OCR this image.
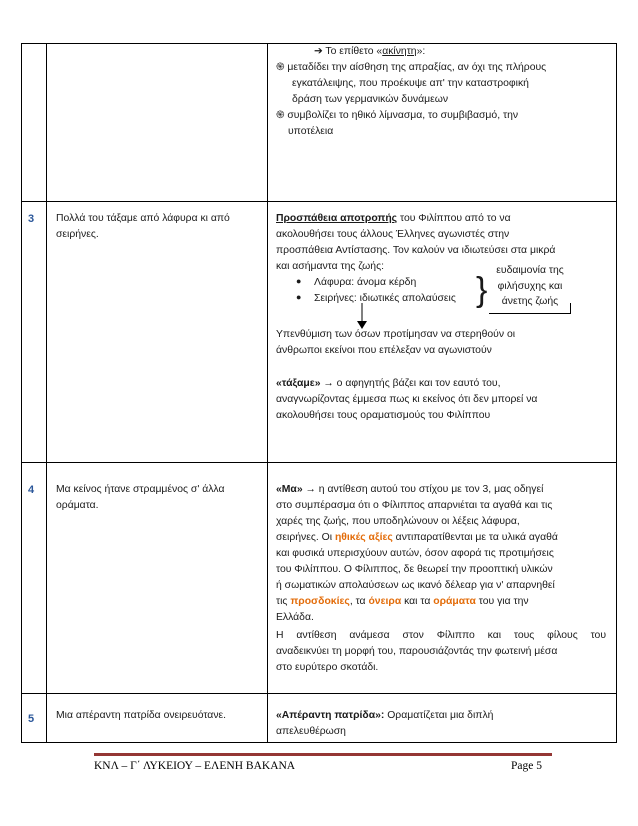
➔ Το επίθετο «ακίνητη»:
֍ μεταδίδει την αίσθηση της απραξίας, αν όχι της πλήρους
εγκατάλειψης, που προέκυψε απ' την καταστροφική
δράση των γερμανικών δυνάμεων
֍ συμβολίζει το ηθικό λίμνασμα, το συμβιβασμό, την
υποτέλεια
3 Πολλά του τάξαμε από λάφυρα κι από
σειρήνες.
Προσπάθεια αποτροπής του Φιλίππου από το να
ακολουθήσει τους άλλους Έλληνες αγωνιστές στην
προσπάθεια Αντίστασης. Τον καλούν να ιδιωτεύσει στα μικρά
και ασήμαντα της ζωής:
● Λάφυρα: άνομα κέρδη
● Σειρήνες: ιδιωτικές απολαύσεις }
ευδαιμονία της
φιλήσυχης και
άνετης ζωής
Υπενθύμιση των όσων προτίμησαν να στερηθούν οι
άνθρωποι εκείνοι που επέλεξαν να αγωνιστούν
«τάξαμε» → ο αφηγητής βάζει και τον εαυτό του,
αναγνωρίζοντας έμμεσα πως κι εκείνος ότι δεν μπορεί να
ακολουθήσει τους οραματισμούς του Φιλίππου
4 Μα κείνος ήτανε στραμμένος σ' άλλα
οράματα.
«Μα» → η αντίθεση αυτού του στίχου με τον 3, μας οδηγεί
στο συμπέρασμα ότι ο Φίλιππος απαρνιέται τα αγαθά και τις
χαρές της ζωής, που υποδηλώνουν οι λέξεις λάφυρα,
σειρήνες. Οι ηθικές αξίες αντιπαρατίθενται με τα υλικά αγαθά
και φυσικά υπερισχύουν αυτών, όσον αφορά τις προτιμήσεις
του Φιλίππου. Ο Φίλιππος, δε θεωρεί την προοπτική υλικών
ή σωματικών απολαύσεων ως ικανό δέλεαρ για ν' απαρνηθεί
τις προσδοκίες, τα όνειρα και τα οράματα του για την
Ελλάδα.
Η αντίθεση ανάμεσα στον Φίλιππο και τους φίλους του
αναδεικνύει τη μορφή του, παρουσιάζοντάς την φωτεινή μέσα
στο ευρύτερο σκοτάδι.
5 Μια απέραντη πατρίδα ονειρευότανε.	«Απέραντη πατρίδα»: Οραματίζεται μια διπλή
απελευθέρωση
ΚΝΛ – Γ΄ ΛΥΚΕΙΟΥ – ΕΛΕΝΗ ΒΑΚΑΝΑ	Page 5
